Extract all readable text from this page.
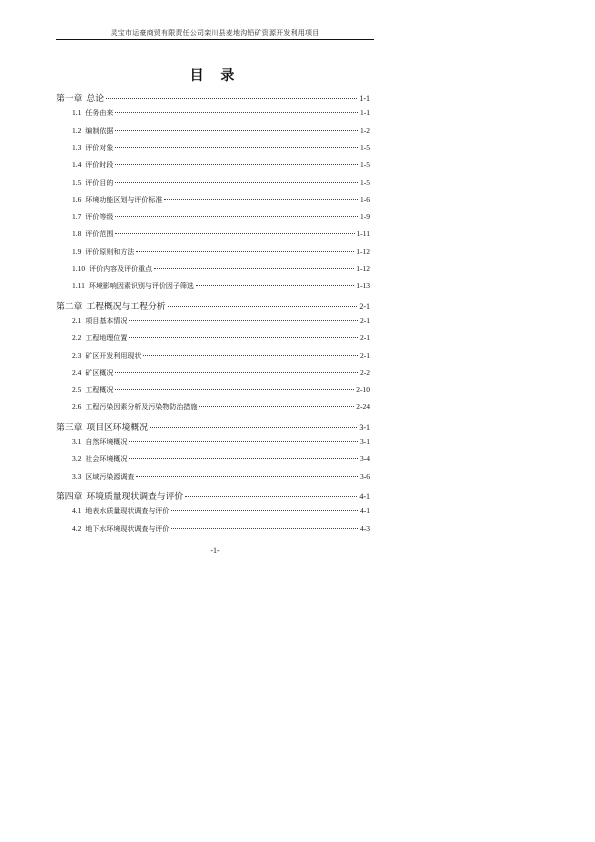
灵宝市运豪商贸有限责任公司栾川县麦地沟铅矿资源开发利用项目
目 录
第一章 总论	1-1
1.1 任务由来	1-1
1.2 编制依据	1-2
1.3 评价对象	1-5
1.4 评价时段	1-5
1.5 评价目的	1-5
1.6 环境功能区划与评价标准	1-6
1.7 评价等级	1-9
1.8 评价范围	1-11
1.9 评价原则和方法	1-12
1.10 评价内容及评价重点	1-12
1.11 环境影响因素识别与评价因子筛选	1-13
第二章 工程概况与工程分析	2-1
2.1 项目基本情况	2-1
2.2 工程地理位置	2-1
2.3 矿区开发利用现状	2-1
2.4 矿区概况	2-2
2.5 工程概况	2-10
2.6 工程污染因素分析及污染物防治措施	2-24
第三章 项目区环境概况	3-1
3.1 自然环境概况	3-1
3.2 社会环境概况	3-4
3.3 区域污染源调查	3-6
第四章 环境质量现状调查与评价	4-1
4.1 地表水质量现状调查与评价	4-1
4.2 地下水环境现状调查与评价	4-3
-1-
